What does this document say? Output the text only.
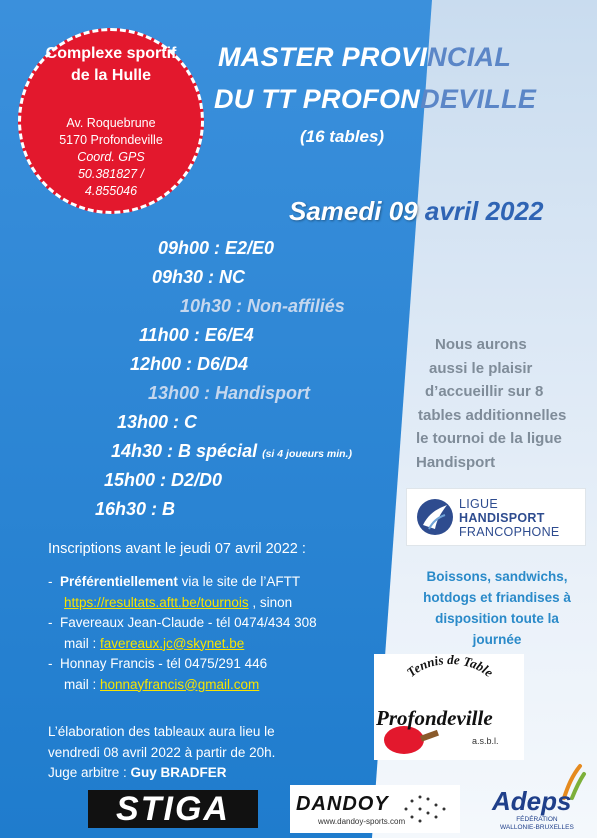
Complexe sportif de la Hulle
Av. Roquebrune
5170 Profondeville
Coord. GPS
50.381827 / 4.855046
MASTER PROVINCIAL
DU TT PROFONDEVILLE
(16 tables)
Samedi 09 avril 2022
09h00 : E2/E0
09h30 : NC
10h30 : Non-affiliés
11h00 : E6/E4
12h00 : D6/D4
13h00 : Handisport
13h00 : C
14h30 : B spécial (si 4 joueurs min.)
15h00 : D2/D0
16h30 : B
Nous aurons
aussi le plaisir
d’accueillir sur 8
tables additionnelles
le tournoi de la ligue
Handisport
LIGUE
HANDISPORT
FRANCOPHONE
Boissons, sandwichs,
hotdogs et friandises à
disposition toute la
journée
Inscriptions avant le jeudi 07 avril 2022 :
- Préférentiellement via le site de l’AFTT
https://resultats.aftt.be/tournois , sinon
- Favereaux Jean-Claude - tél 0474/434 308
mail : favereaux.jc@skynet.be
- Honnay Francis - tél 0475/291 446
mail : honnayfrancis@gmail.com
L’élaboration des tableaux aura lieu le
vendredi 08 avril 2022 à partir de 20h.
Juge arbitre : Guy BRADFER
Tennis de Table
Profondeville
a.s.b.l.
STIGA	DANDOY
www.dandoy-sports.com
Adeps
FÉDÉRATION
WALLONIE-BRUXELLES
